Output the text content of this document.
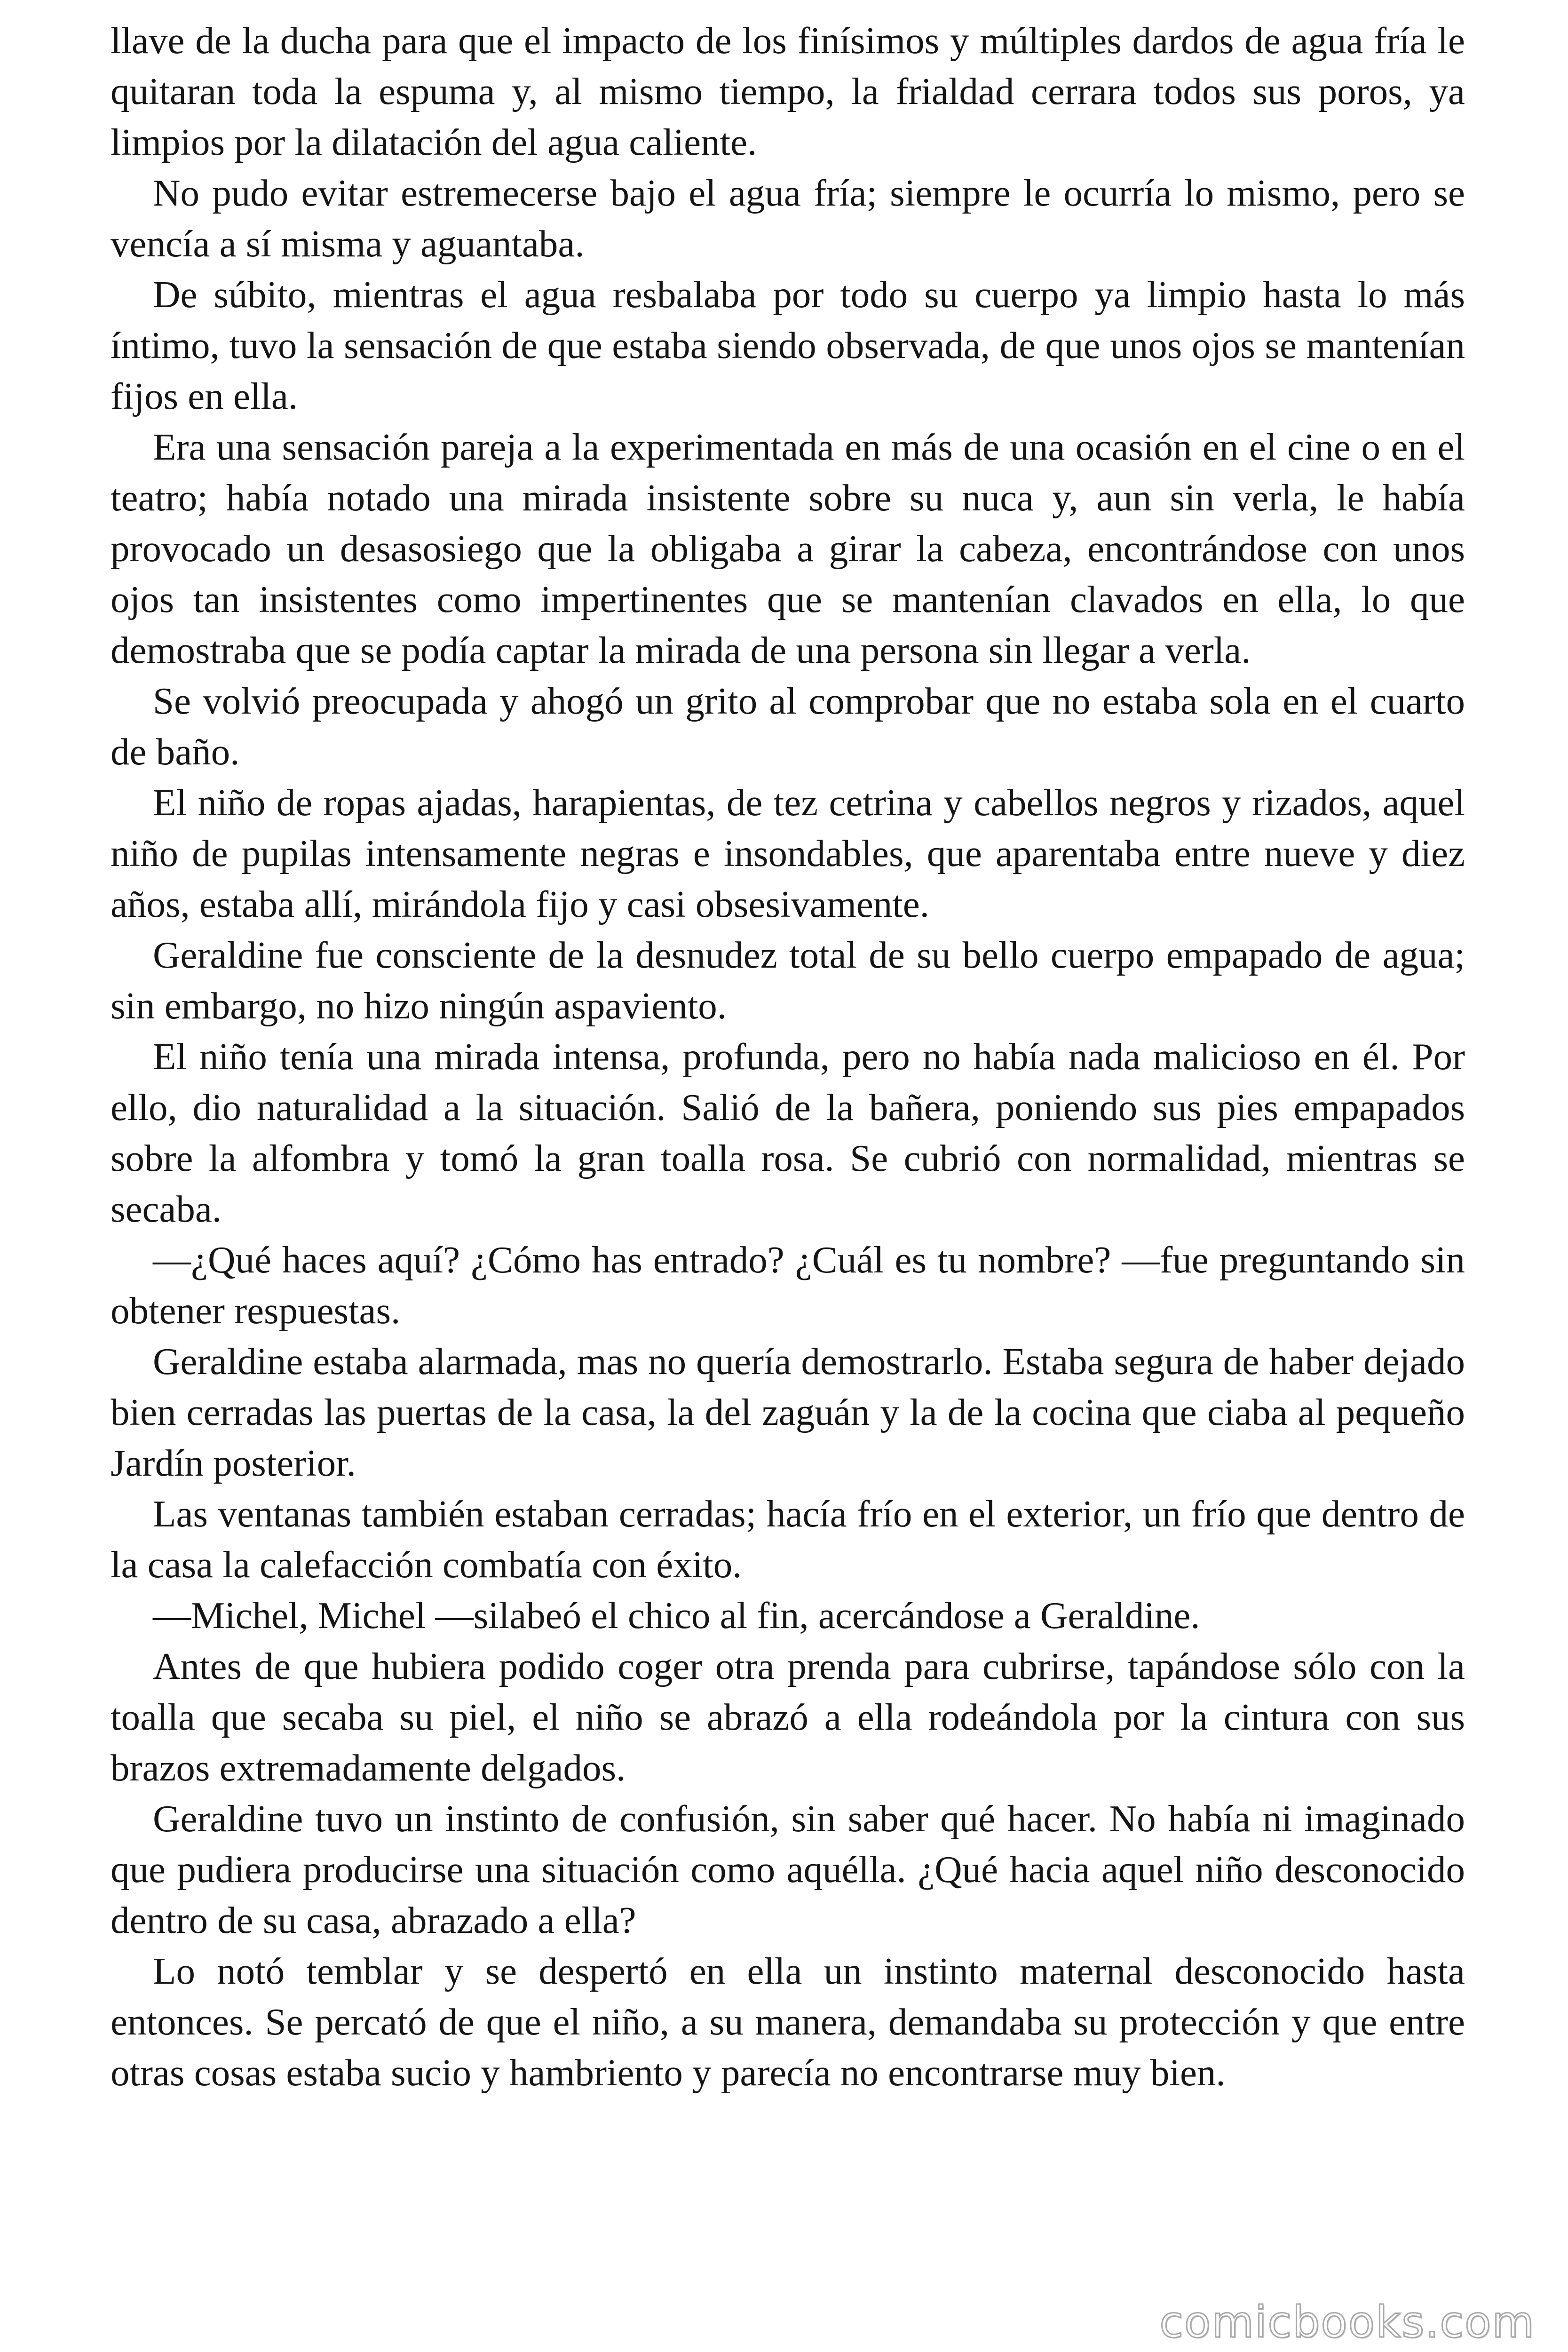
llave de la ducha para que el impacto de los finísimos y múltiples dardos de agua fría le quitaran toda la espuma y, al mismo tiempo, la frialdad cerrara todos sus poros, ya limpios por la dilatación del agua caliente.

No pudo evitar estremecerse bajo el agua fría; siempre le ocurría lo mismo, pero se vencía a sí misma y aguantaba.

De súbito, mientras el agua resbalaba por todo su cuerpo ya limpio hasta lo más íntimo, tuvo la sensación de que estaba siendo observada, de que unos ojos se mantenían fijos en ella.

Era una sensación pareja a la experimentada en más de una ocasión en el cine o en el teatro; había notado una mirada insistente sobre su nuca y, aun sin verla, le había provocado un desasosiego que la obligaba a girar la cabeza, encontrándose con unos ojos tan insistentes como impertinentes que se mantenían clavados en ella, lo que demostraba que se podía captar la mirada de una persona sin llegar a verla.

Se volvió preocupada y ahogó un grito al comprobar que no estaba sola en el cuarto de baño.

El niño de ropas ajadas, harapientas, de tez cetrina y cabellos negros y rizados, aquel niño de pupilas intensamente negras e insondables, que aparentaba entre nueve y diez años, estaba allí, mirándola fijo y casi obsesivamente.

Geraldine fue consciente de la desnudez total de su bello cuerpo empapado de agua; sin embargo, no hizo ningún aspaviento.

El niño tenía una mirada intensa, profunda, pero no había nada malicioso en él. Por ello, dio naturalidad a la situación. Salió de la bañera, poniendo sus pies empapados sobre la alfombra y tomó la gran toalla rosa. Se cubrió con normalidad, mientras se secaba.

—¿Qué haces aquí? ¿Cómo has entrado? ¿Cuál es tu nombre? —fue preguntando sin obtener respuestas.

Geraldine estaba alarmada, mas no quería demostrarlo. Estaba segura de haber dejado bien cerradas las puertas de la casa, la del zaguán y la de la cocina que ciaba al pequeño Jardín posterior.

Las ventanas también estaban cerradas; hacía frío en el exterior, un frío que dentro de la casa la calefacción combatía con éxito.

—Michel, Michel —silabeó el chico al fin, acercándose a Geraldine.

Antes de que hubiera podido coger otra prenda para cubrirse, tapándose sólo con la toalla que secaba su piel, el niño se abrazó a ella rodeándola por la cintura con sus brazos extremadamente delgados.

Geraldine tuvo un instinto de confusión, sin saber qué hacer. No había ni imaginado que pudiera producirse una situación como aquélla. ¿Qué hacia aquel niño desconocido dentro de su casa, abrazado a ella?

Lo notó temblar y se despertó en ella un instinto maternal desconocido hasta entonces. Se percató de que el niño, a su manera, demandaba su protección y que entre otras cosas estaba sucio y hambriento y parecía no encontrarse muy bien.

comicbooks.com
